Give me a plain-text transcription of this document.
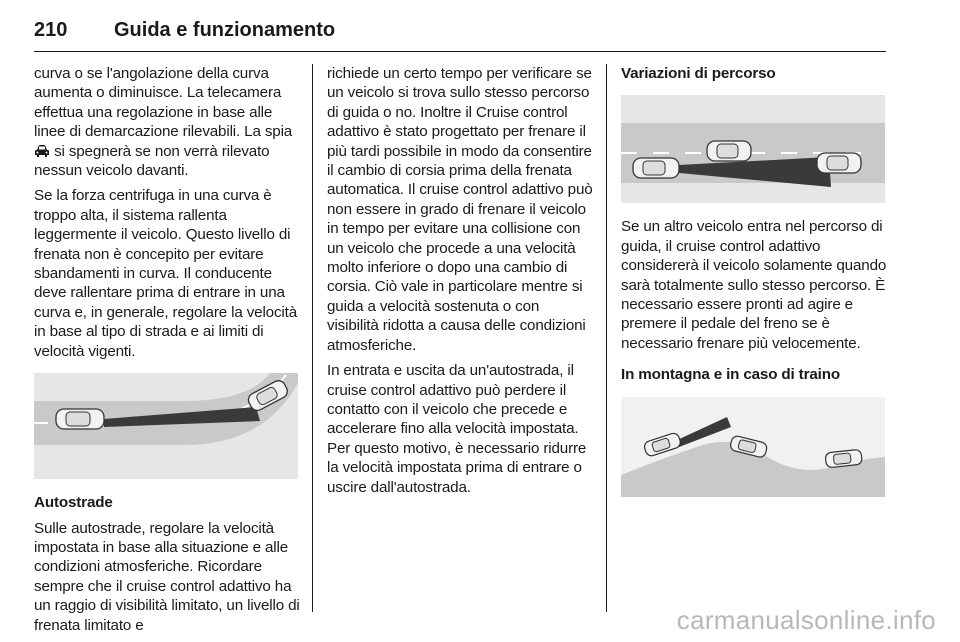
210	Guida e funzionamento

curva o se l'angolazione della curva aumenta o diminuisce. La telecamera effettua una regolazione in base alle linee di demarcazione rilevabili. La spia  si spegnerà se non verrà rilevato nessun veicolo davanti.

Se la forza centrifuga in una curva è troppo alta, il sistema rallenta leggermente il veicolo. Questo livello di frenata non è concepito per evitare sbandamenti in curva. Il conducente deve rallentare prima di entrare in una curva e, in generale, regolare la velocità in base al tipo di strada e ai limiti di velocità vigenti.

Autostrade

Sulle autostrade, regolare la velocità impostata in base alla situazione e alle condizioni atmosferiche. Ricordare sempre che il cruise control adattivo ha un raggio di visibilità limitato, un livello di frenata limitato e

richiede un certo tempo per verificare se un veicolo si trova sullo stesso percorso di guida o no. Inoltre il Cruise control adattivo è stato progettato per frenare il più tardi possibile in modo da consentire il cambio di corsia prima della frenata automatica. Il cruise control adattivo può non essere in grado di frenare il veicolo in tempo per evitare una collisione con un veicolo che procede a una velocità molto inferiore o dopo una cambio di corsia. Ciò vale in particolare mentre si guida a velocità sostenuta o con visibilità ridotta a causa delle condizioni atmosferiche.

In entrata e uscita da un'autostrada, il cruise control adattivo può perdere il contatto con il veicolo che precede e accelerare fino alla velocità impostata. Per questo motivo, è necessario ridurre la velocità impostata prima di entrare o uscire dall'autostrada.

Variazioni di percorso

Se un altro veicolo entra nel percorso di guida, il cruise control adattivo considererà il veicolo solamente quando sarà totalmente sullo stesso percorso. È necessario essere pronti ad agire e premere il pedale del freno se è necessario frenare più velocemente.

In montagna e in caso di traino

carmanualsonline.info
